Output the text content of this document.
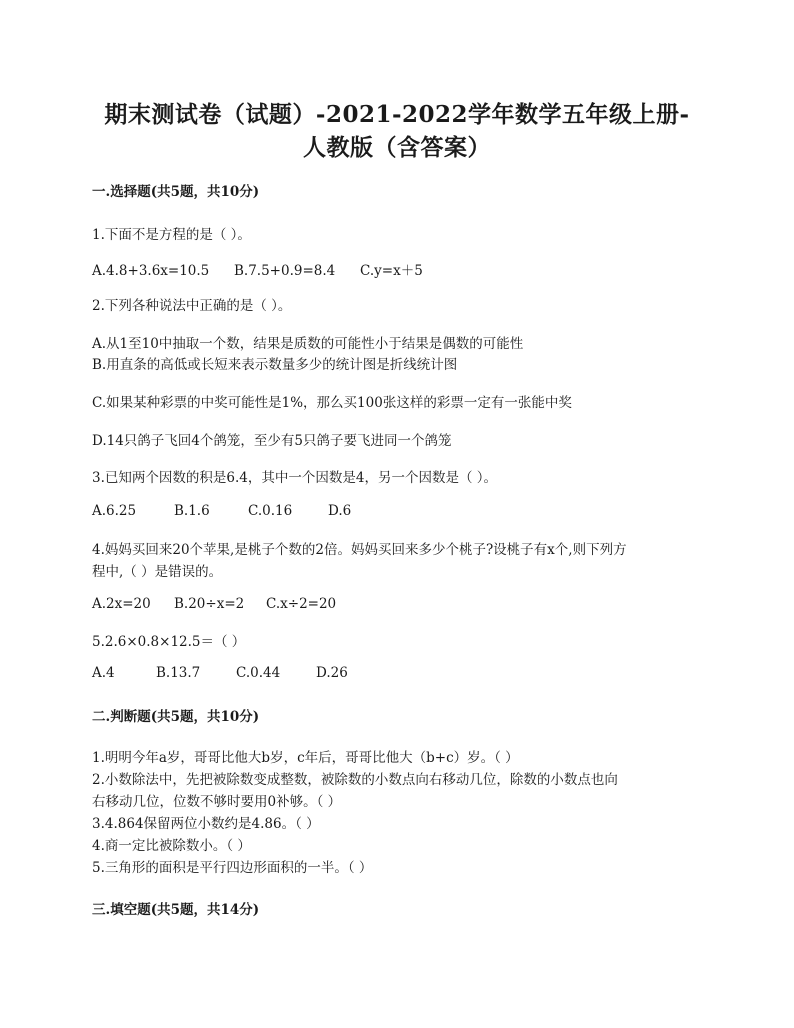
期末测试卷（试题）-2021-2022学年数学五年级上册-
人教版（含答案）
一.选择题(共5题，共10分)
1.下面不是方程的是（ ）。
A.4.8+3.6x=10.5 B.7.5+0.9=8.4 C.y=x＋5
2.下列各种说法中正确的是（ ）。
A.从1至10中抽取一个数，结果是质数的可能性小于结果是偶数的可能性
B.用直条的高低或长短来表示数量多少的统计图是折线统计图
C.如果某种彩票的中奖可能性是1%，那么买100张这样的彩票一定有一张能中奖
D.14只鸽子飞回4个鸽笼，至少有5只鸽子要飞进同一个鸽笼
3.已知两个因数的积是6.4，其中一个因数是4，另一个因数是（ ）。
A.6.25	B.1.6	C.0.16	D.6
4.妈妈买回来20个苹果,是桃子个数的2倍。妈妈买回来多少个桃子?设桃子有x个,则下列方
程中,（ ）是错误的。
A.2x=20 B.20÷x=2 C.x÷2=20
5.2.6×0.8×12.5＝（ ）
A.4	B.13.7	C.0.44	D.26
二.判断题(共5题，共10分)
1.明明今年a岁，哥哥比他大b岁，c年后，哥哥比他大（b+c）岁。（ ）
2.小数除法中，先把被除数变成整数，被除数的小数点向右移动几位，除数的小数点也向
右移动几位，位数不够时要用0补够。（ ）
3.4.864保留两位小数约是4.86。（ ）
4.商一定比被除数小。（ ）
5.三角形的面积是平行四边形面积的一半。（ ）
三.填空题(共5题，共14分)
